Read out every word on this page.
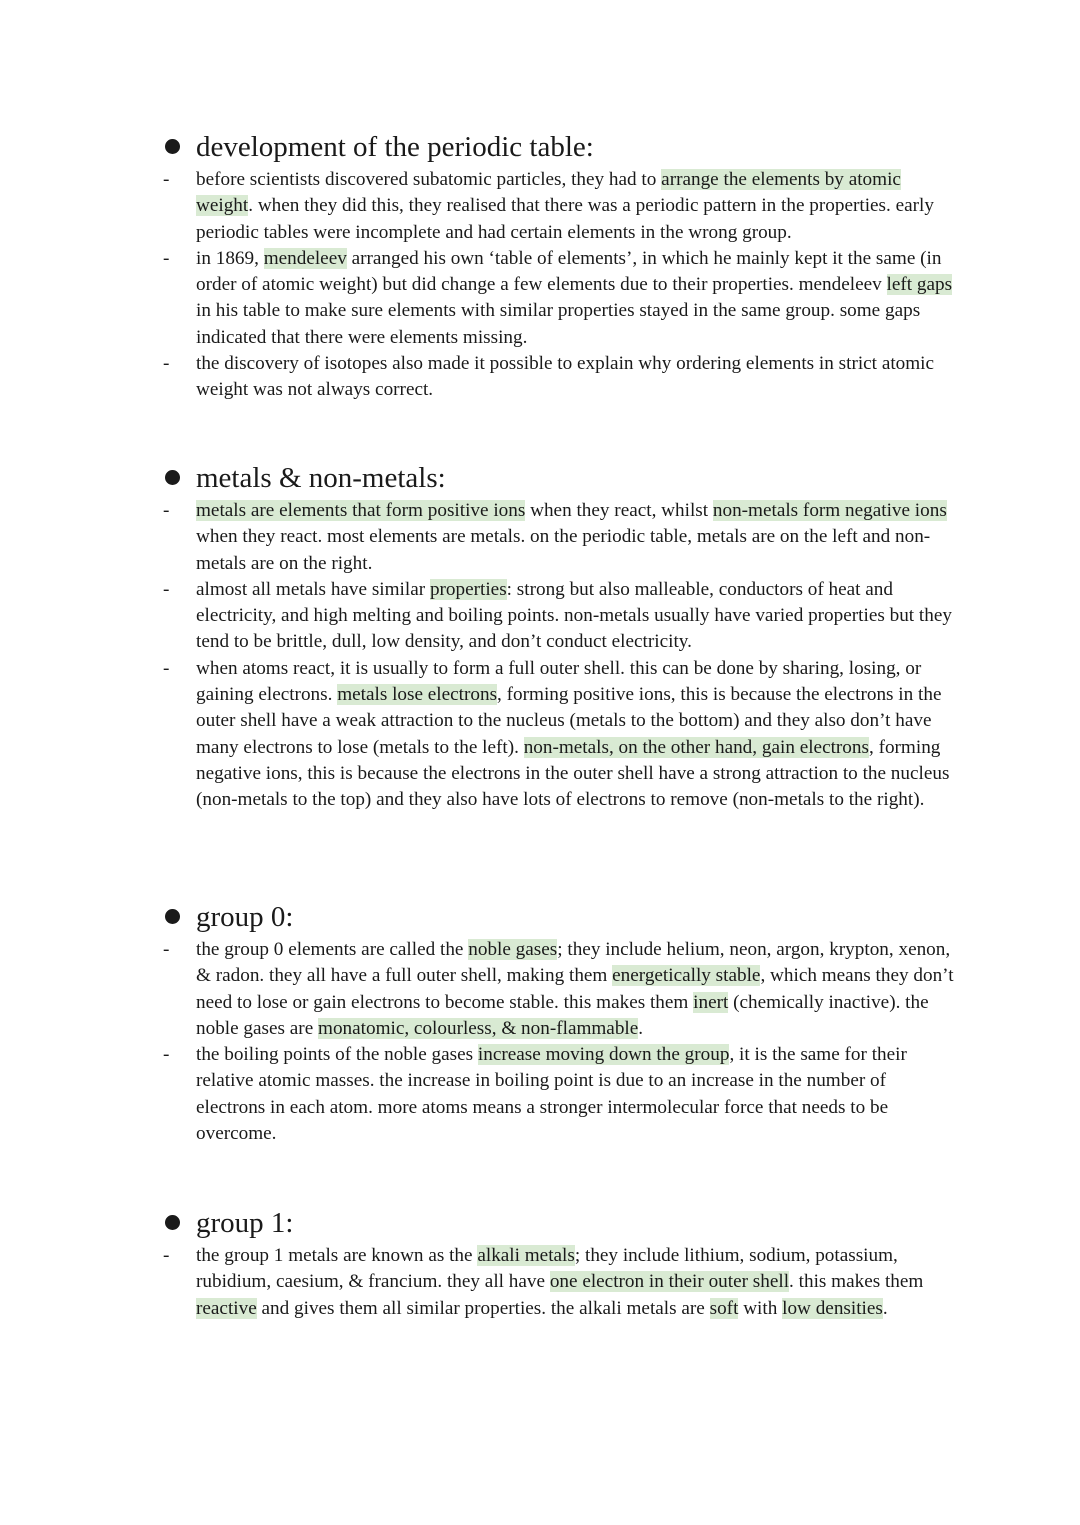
development of the periodic table:
- before scientists discovered subatomic particles, they had to arrange the elements by atomic weight. when they did this, they realised that there was a periodic pattern in the properties. early periodic tables were incomplete and had certain elements in the wrong group.
- in 1869, mendeleev arranged his own ‘table of elements’, in which he mainly kept it the same (in order of atomic weight) but did change a few elements due to their properties. mendeleev left gaps in his table to make sure elements with similar properties stayed in the same group. some gaps indicated that there were elements missing.
- the discovery of isotopes also made it possible to explain why ordering elements in strict atomic weight was not always correct.
metals & non-metals:
- metals are elements that form positive ions when they react, whilst non-metals form negative ions when they react. most elements are metals. on the periodic table, metals are on the left and non-metals are on the right.
- almost all metals have similar properties: strong but also malleable, conductors of heat and electricity, and high melting and boiling points. non-metals usually have varied properties but they tend to be brittle, dull, low density, and don’t conduct electricity.
- when atoms react, it is usually to form a full outer shell. this can be done by sharing, losing, or gaining electrons. metals lose electrons, forming positive ions, this is because the electrons in the outer shell have a weak attraction to the nucleus (metals to the bottom) and they also don’t have many electrons to lose (metals to the left). non-metals, on the other hand, gain electrons, forming negative ions, this is because the electrons in the outer shell have a strong attraction to the nucleus (non-metals to the top) and they also have lots of electrons to remove (non-metals to the right).
group 0:
- the group 0 elements are called the noble gases; they include helium, neon, argon, krypton, xenon, & radon. they all have a full outer shell, making them energetically stable, which means they don’t need to lose or gain electrons to become stable. this makes them inert (chemically inactive). the noble gases are monatomic, colourless, & non-flammable.
- the boiling points of the noble gases increase moving down the group, it is the same for their relative atomic masses. the increase in boiling point is due to an increase in the number of electrons in each atom. more atoms means a stronger intermolecular force that needs to be overcome.
group 1:
- the group 1 metals are known as the alkali metals; they include lithium, sodium, potassium, rubidium, caesium, & francium. they all have one electron in their outer shell. this makes them reactive and gives them all similar properties. the alkali metals are soft with low densities.
